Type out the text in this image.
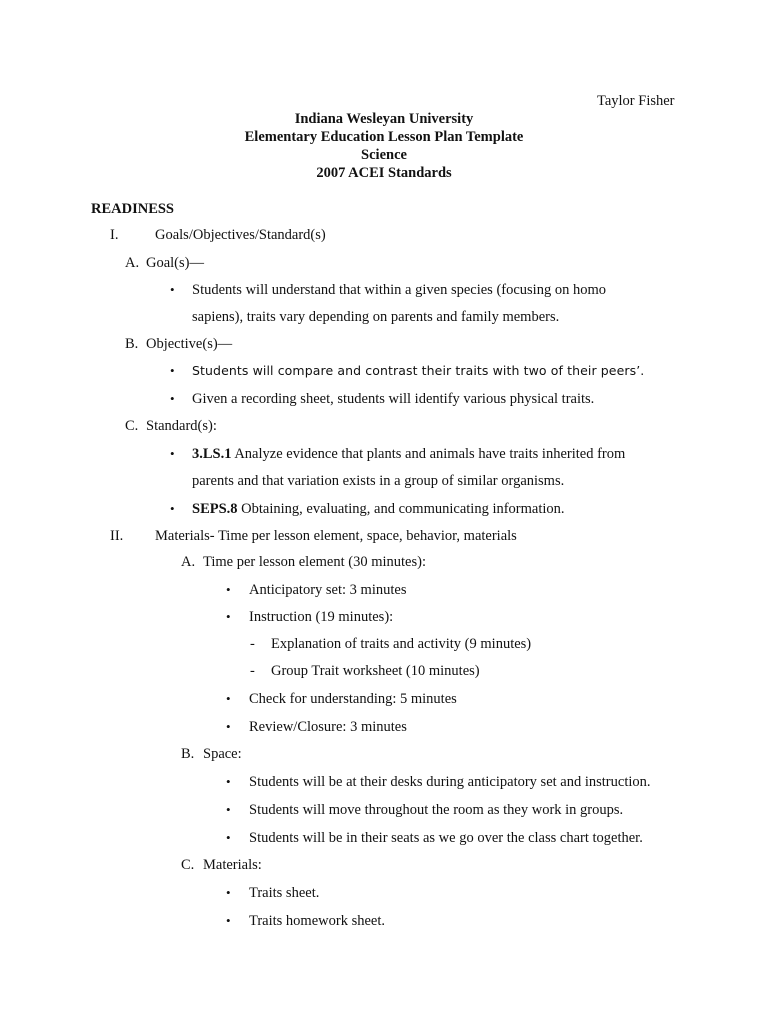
Taylor Fisher
Indiana Wesleyan University
Elementary Education Lesson Plan Template
Science
2007 ACEI Standards
READINESS
I.	Goals/Objectives/Standard(s)
A. Goal(s)—
• Students will understand that within a given species (focusing on homo
sapiens), traits vary depending on parents and family members.
B. Objective(s)—
• Students will compare and contrast their traits with two of their peers’.
• Given a recording sheet, students will identify various physical traits.
C. Standard(s):
• 3.LS.1 Analyze evidence that plants and animals have traits inherited from
parents and that variation exists in a group of similar organisms.
• SEPS.8 Obtaining, evaluating, and communicating information.
II. Materials- Time per lesson element, space, behavior, materials
A. Time per lesson element (30 minutes):
• Anticipatory set: 3 minutes
• Instruction (19 minutes):
- Explanation of traits and activity (9 minutes)
- Group Trait worksheet (10 minutes)
• Check for understanding: 5 minutes
• Review/Closure: 3 minutes
B. Space:
• Students will be at their desks during anticipatory set and instruction.
• Students will move throughout the room as they work in groups.
• Students will be in their seats as we go over the class chart together.
C. Materials:
• Traits sheet.
• Traits homework sheet.
